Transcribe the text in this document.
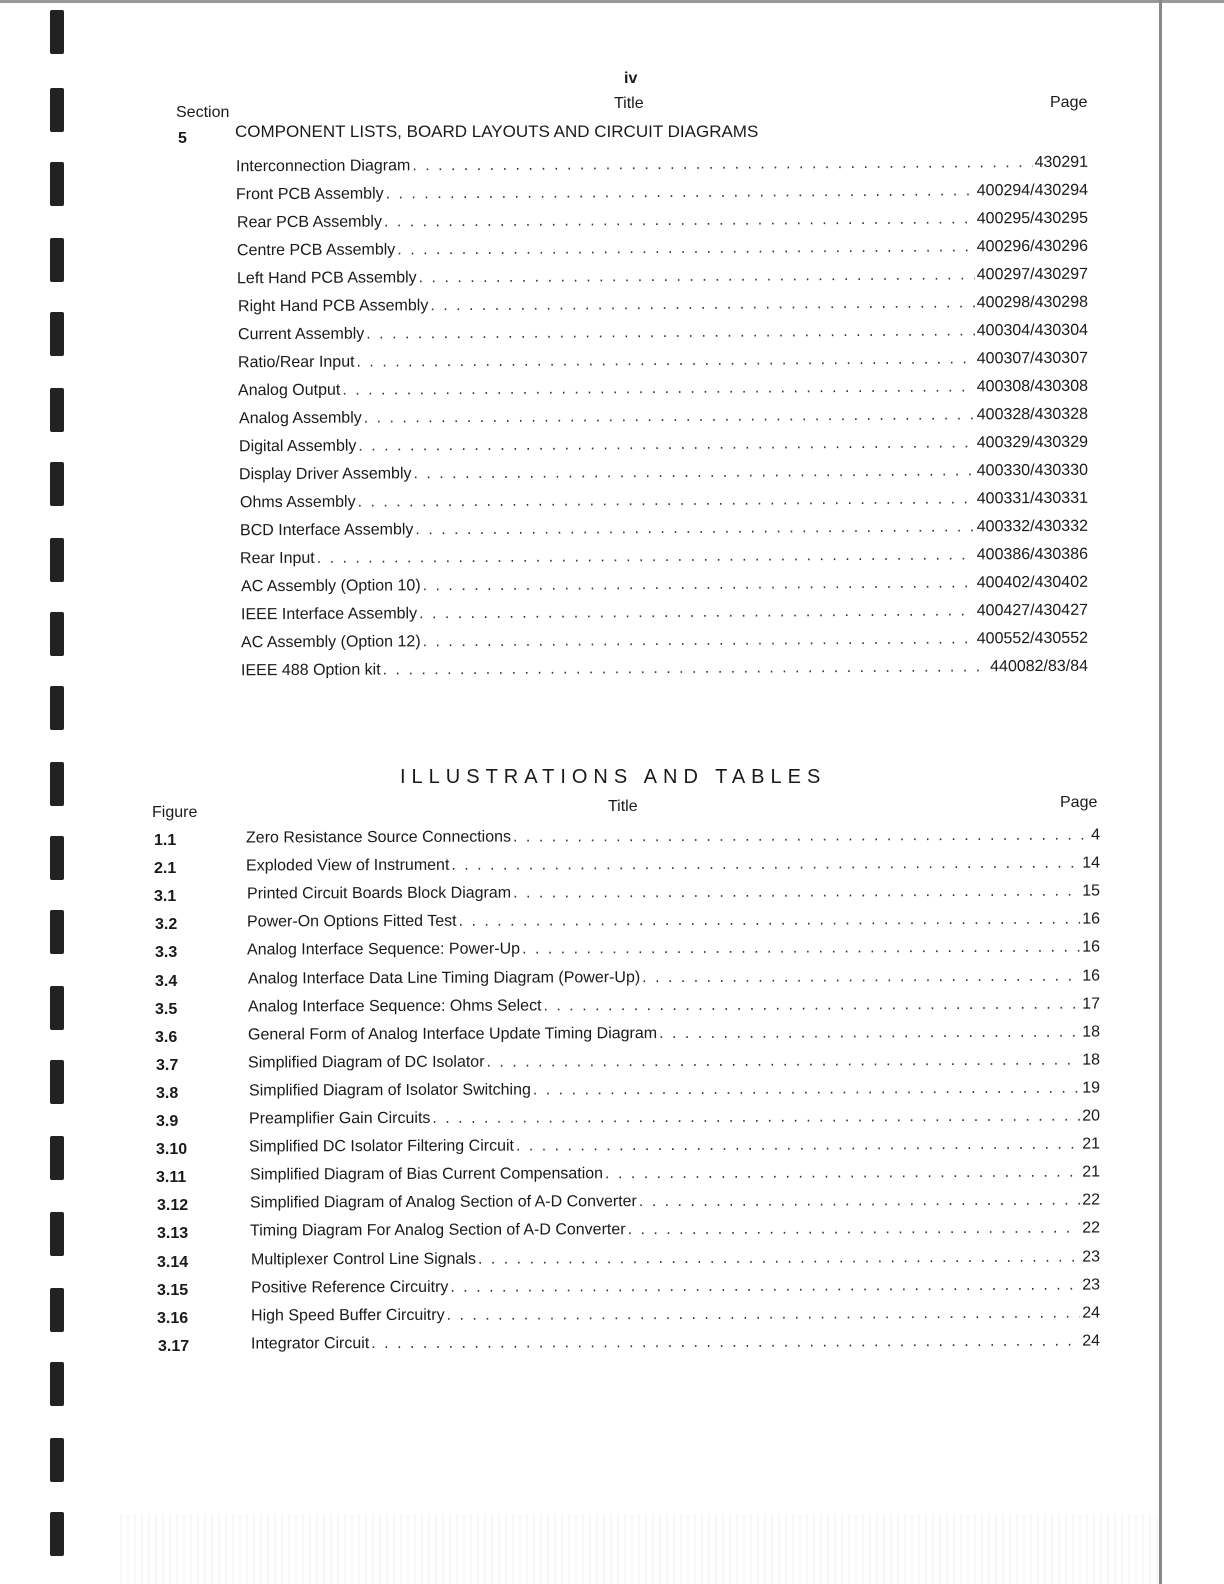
iv
Section
Title	Page
5	COMPONENT LISTS, BOARD LAYOUTS AND CIRCUIT DIAGRAMS
Interconnection Diagram . . .	430291
Front PCB Assembly . . .	400294/430294
Rear PCB Assembly . . .	400295/430295
Centre PCB Assembly . . .	400296/430296
Left Hand PCB Assembly . . .	400297/430297
Right Hand PCB Assembly . . .	400298/430298
Current Assembly . . .	400304/430304
Ratio/Rear Input . . .	400307/430307
Analog Output . . .	400308/430308
Analog Assembly . . .	400328/430328
Digital Assembly . . .	400329/430329
Display Driver Assembly . . .	400330/430330
Ohms Assembly . . .	400331/430331
BCD Interface Assembly . . .	400332/430332
Rear Input . . .	400386/430386
AC Assembly (Option 10) . . .	400402/430402
IEEE Interface Assembly . . .	400427/430427
AC Assembly (Option 12) . . .	400552/430552
IEEE 488 Option kit . . .	440082/83/84
ILLUSTRATIONS AND TABLES
Figure	Title	Page
1.1	Zero Resistance Source Connections . . .	4
2.1	Exploded View of Instrument . . .	14
3.1	Printed Circuit Boards Block Diagram . . .	15
3.2	Power-On Options Fitted Test . . .	16
3.3	Analog Interface Sequence: Power-Up . . .	16
3.4	Analog Interface Data Line Timing Diagram (Power-Up) . . .	16
3.5	Analog Interface Sequence: Ohms Select . . .	17
3.6	General Form of Analog Interface Update Timing Diagram . . .	18
3.7	Simplified Diagram of DC Isolator . . .	18
3.8	Simplified Diagram of Isolator Switching . . .	19
3.9	Preamplifier Gain Circuits . . .	20
3.10	Simplified DC Isolator Filtering Circuit . . .	21
3.11	Simplified Diagram of Bias Current Compensation . . .	21
3.12	Simplified Diagram of Analog Section of A-D Converter . . .	22
3.13	Timing Diagram For Analog Section of A-D Converter . . .	22
3.14	Multiplexer Control Line Signals . . .	23
3.15	Positive Reference Circuitry . . .	23
3.16	High Speed Buffer Circuitry . . .	24
3.17	Integrator Circuit . . .	24
